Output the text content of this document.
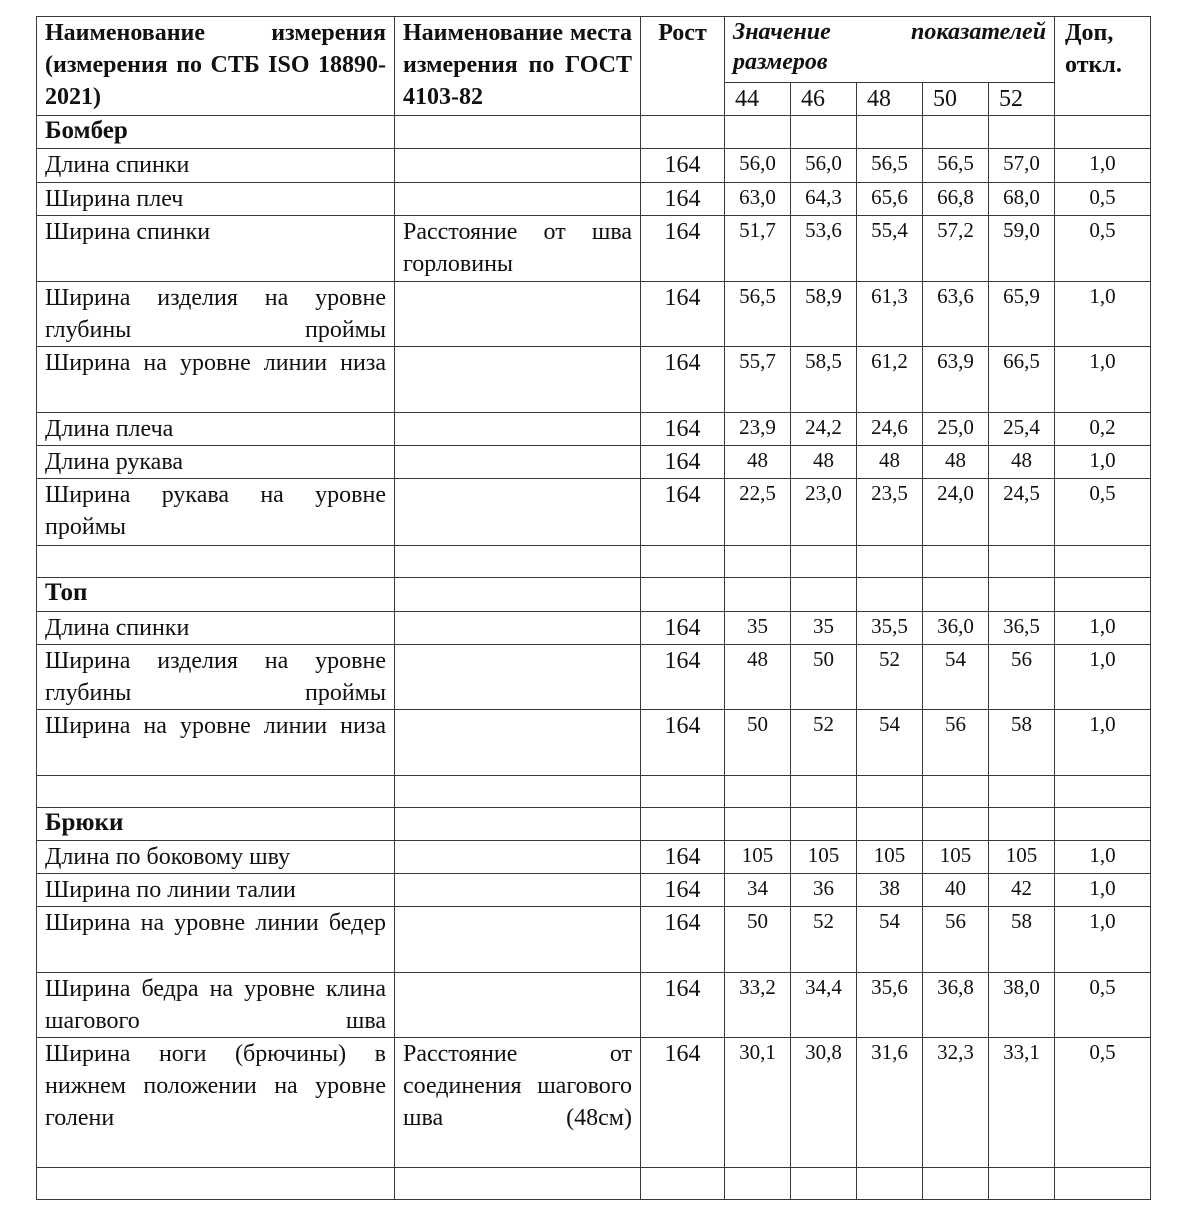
Наименование измерения (измерения по СТБ ISO 18890-2021)	Наименование места измерения по ГОСТ 4103-82	Рост	Значение показателей размеров					Доп, откл.
			44	46	48	50	52	
Бомбер								
Длина спинки		164	56,0	56,0	56,5	56,5	57,0	1,0
Ширина плеч		164	63,0	64,3	65,6	66,8	68,0	0,5
Ширина спинки	Расстояние от шва горловины	164	51,7	53,6	55,4	57,2	59,0	0,5
Ширина изделия на уровне глубины проймы		164	56,5	58,9	61,3	63,6	65,9	1,0
Ширина на уровне линии низа		164	55,7	58,5	61,2	63,9	66,5	1,0
Длина плеча		164	23,9	24,2	24,6	25,0	25,4	0,2
Длина рукава		164	48	48	48	48	48	1,0
Ширина рукава на уровне проймы		164	22,5	23,0	23,5	24,0	24,5	0,5

Топ								
Длина спинки		164	35	35	35,5	36,0	36,5	1,0
Ширина изделия на уровне глубины проймы		164	48	50	52	54	56	1,0
Ширина на уровне линии низа		164	50	52	54	56	58	1,0

Брюки								
Длина по боковому шву		164	105	105	105	105	105	1,0
Ширина по линии талии		164	34	36	38	40	42	1,0
Ширина на уровне линии бедер		164	50	52	54	56	58	1,0
Ширина бедра на уровне клина шагового шва		164	33,2	34,4	35,6	36,8	38,0	0,5
Ширина ноги (брючины) в нижнем положении на уровне голени	Расстояние от соединения шагового шва (48см)	164	30,1	30,8	31,6	32,3	33,1	0,5
